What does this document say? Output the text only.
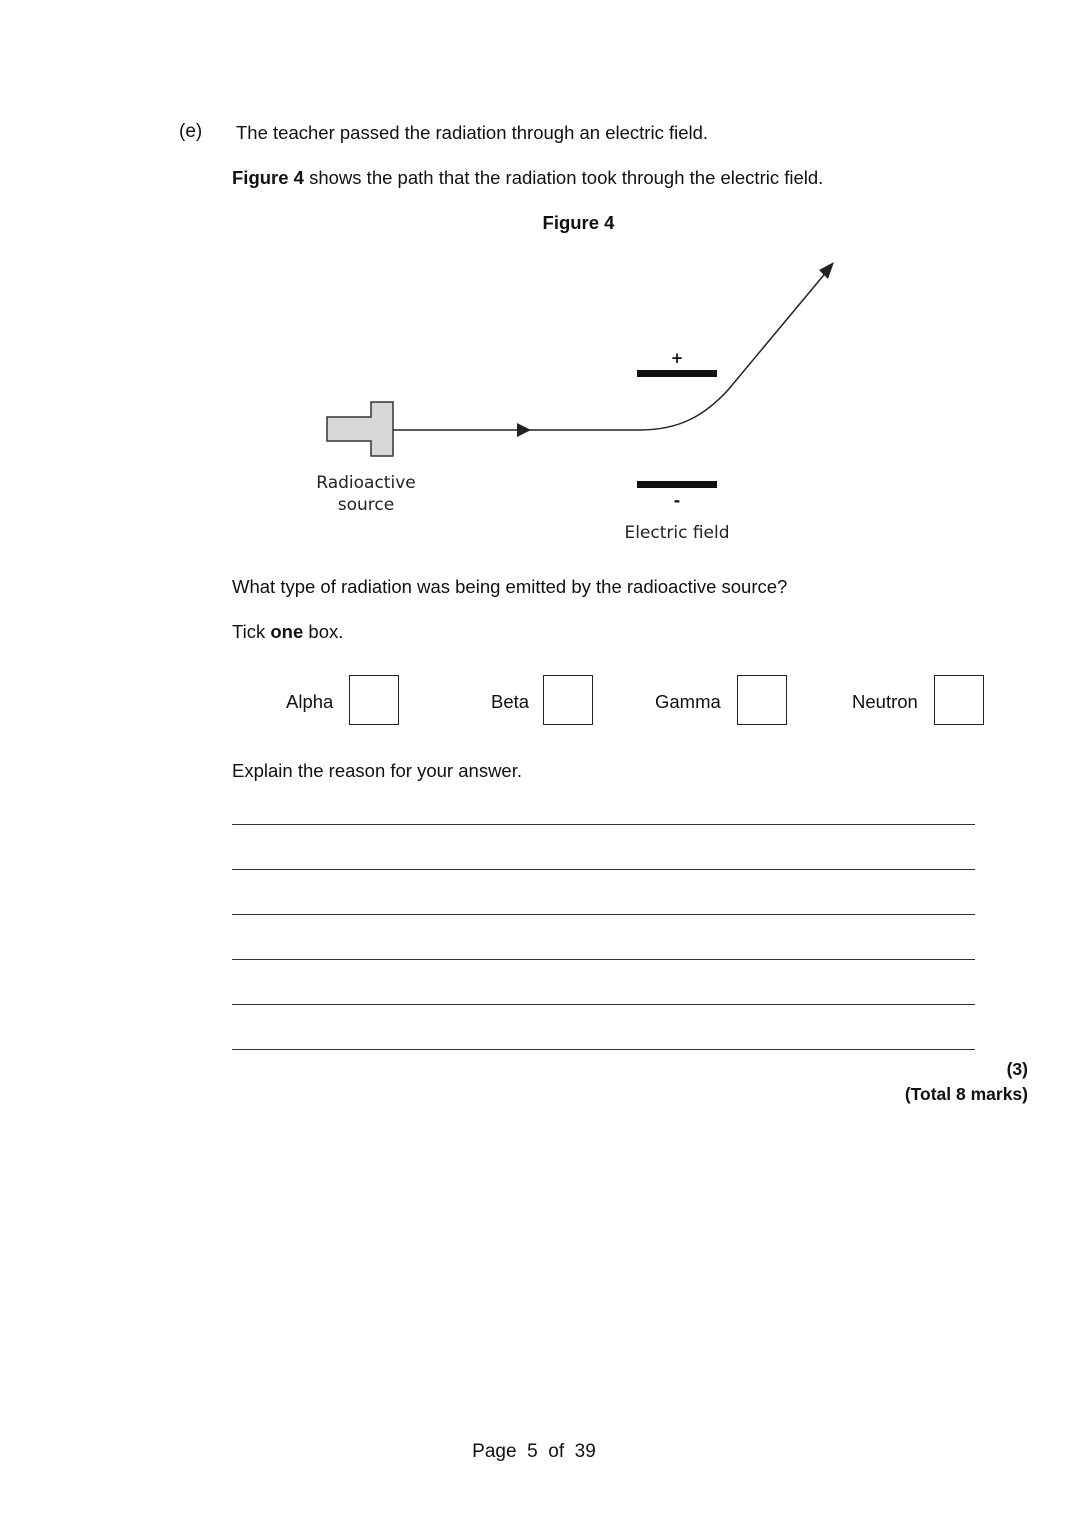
(e) The teacher passed the radiation through an electric field.
Figure 4 shows the path that the radiation took through the electric field.
Figure 4
+
-
Radioactive
source
Electric field
What type of radiation was being emitted by the radioactive source?
Tick one box.
Alpha	Beta	Gamma	Neutron
Explain the reason for your answer.
(3)
(Total 8 marks)
Page 5 of 39
